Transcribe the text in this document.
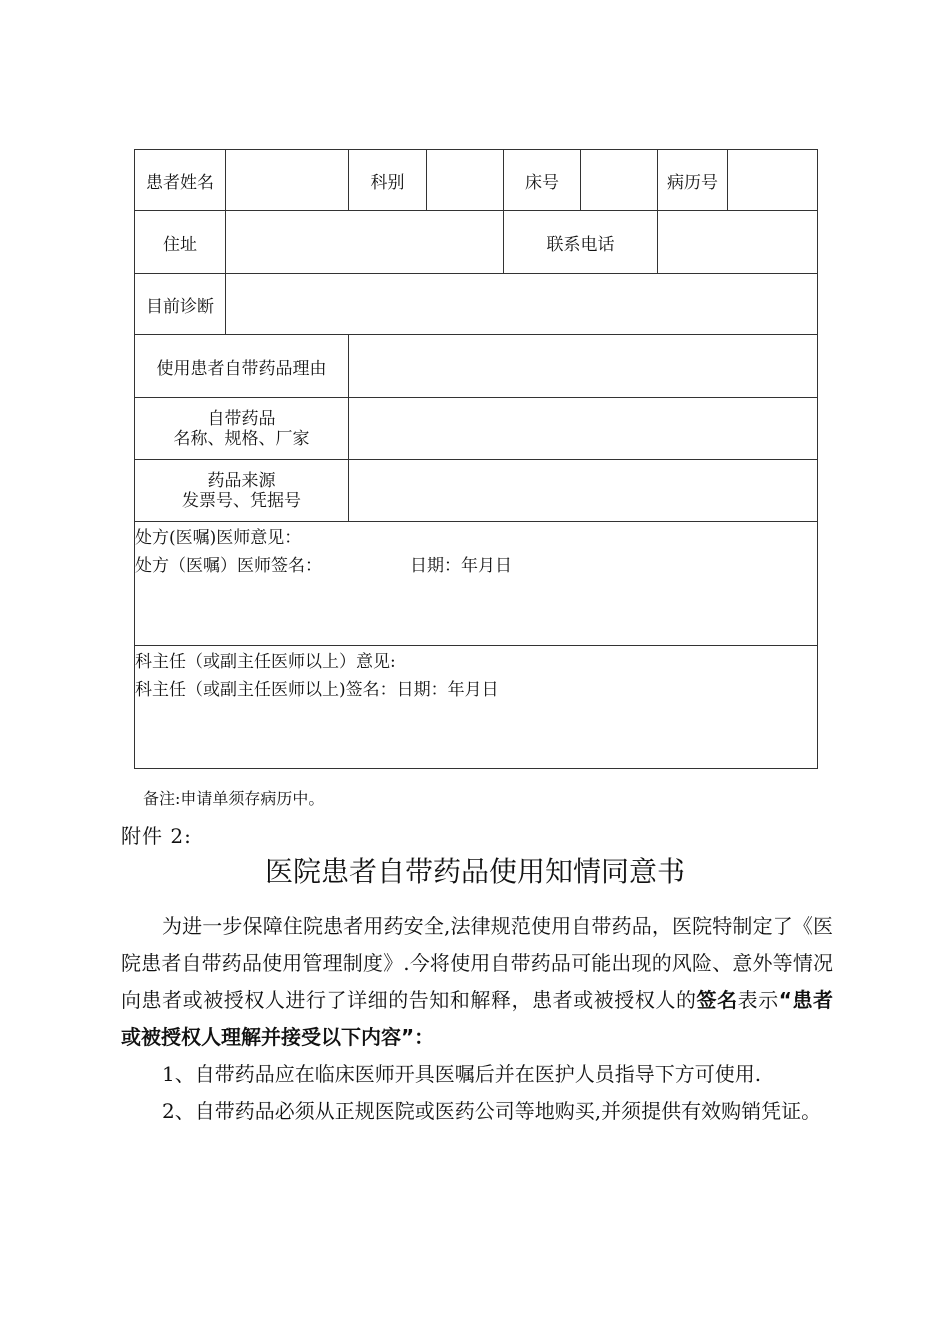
患者姓名		科别		床号		病历号	
住址				联系电话			
目前诊断							
使用患者自带药品理由							

自带药品
名称、规格、厂家							

药品来源
发票号、凭据号							

处方(医嘱)医师意见：
处方（医嘱）医师签名： 日期：年月日							

科主任（或副主任医师以上）意见:
科主任（或副主任医师以上)签名：日期：年月日							
备注:申请单须存病历中。
附件 2:
医院患者自带药品使用知情同意书

为进一步保障住院患者用药安全,法律规范使用自带药品，医院特制定了《医院患者自带药品使用管理制度》.今将使用自带药品可能出现的风险、意外等情况向患者或被授权人进行了详细的告知和解释，患者或被授权人的签名表示“患者或被授权人理解并接受以下内容”：

1、自带药品应在临床医师开具医嘱后并在医护人员指导下方可使用.

2、自带药品必须从正规医院或医药公司等地购买,并须提供有效购销凭证。
